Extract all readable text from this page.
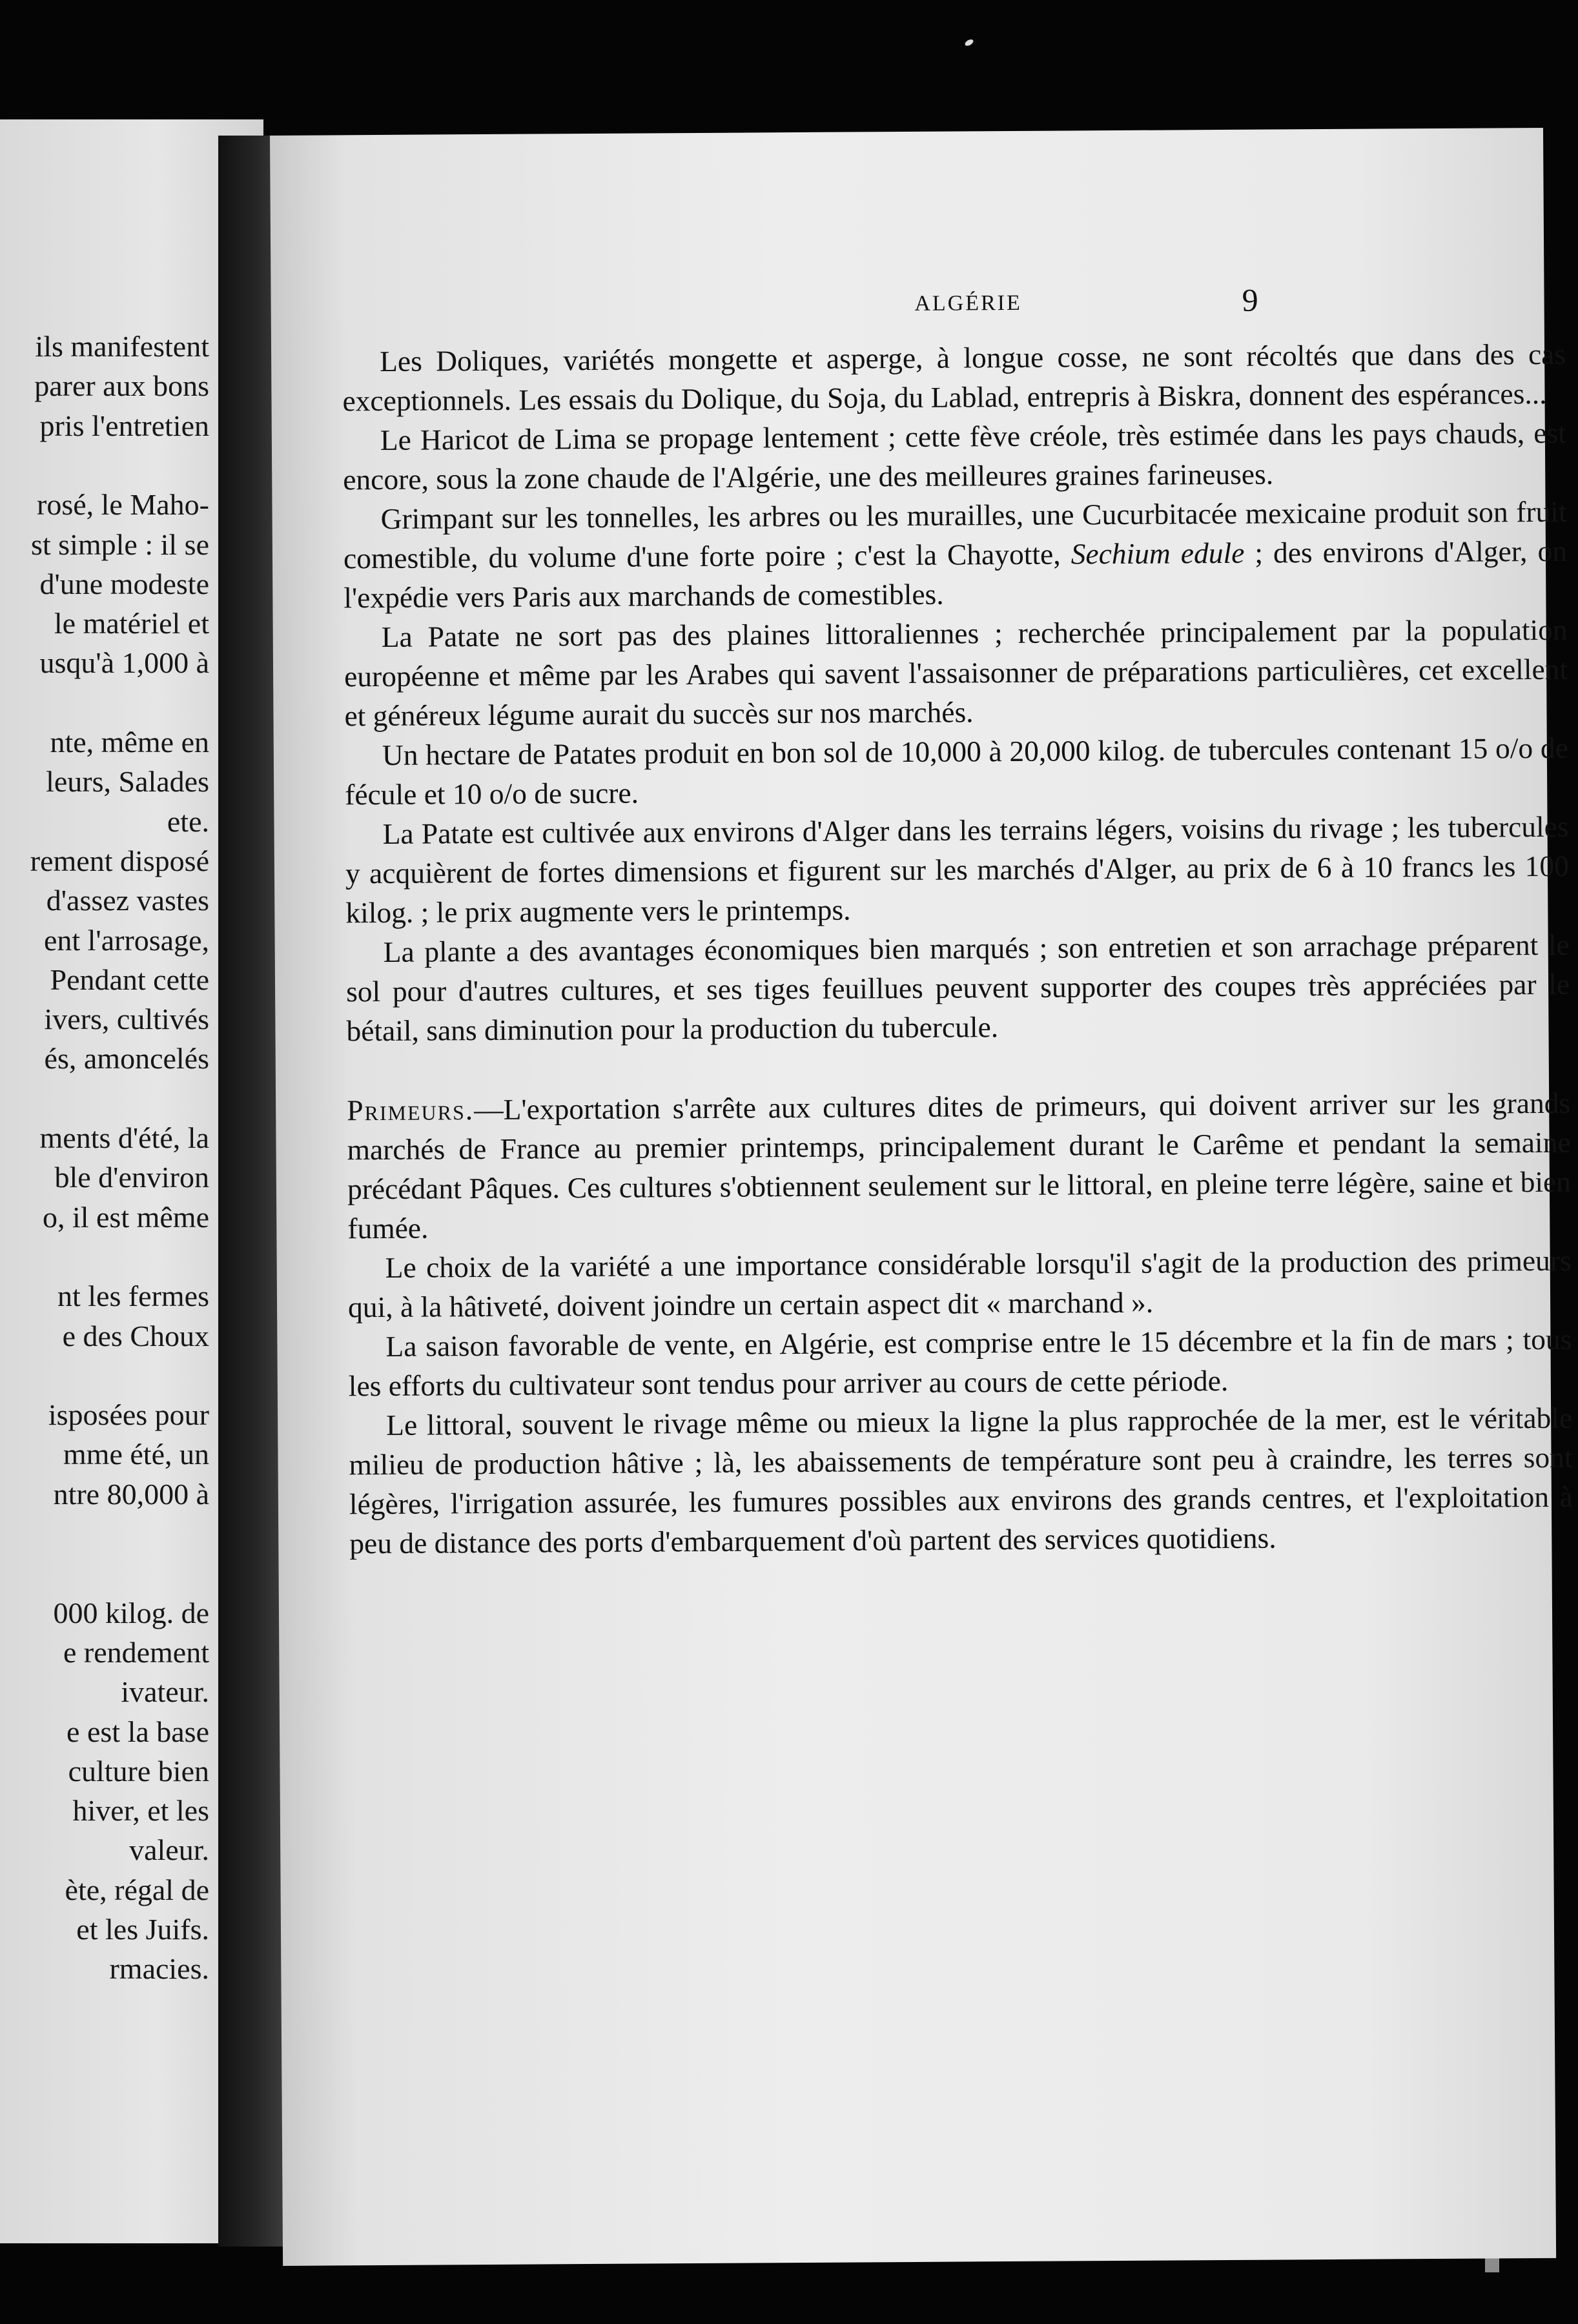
ils manifestent
parer aux bons
pris l'entretien
rosé, le Maho-
st simple : il se
d'une modeste
le matériel et
usqu'à 1,000 à
nte, même en
leurs, Salades
ete.
rement disposé
d'assez vastes
ent l'arrosage,
Pendant cette
ivers, cultivés
és, amoncelés
ments d'été, la
ble d'environ
o, il est même
nt les fermes
e des Choux
isposées pour
mme été, un
ntre 80,000 à
000 kilog. de
e rendement
ivateur.
e est la base
culture bien
hiver, et les
valeur.
ète, régal de
et les Juifs.
rmacies.
ALGÉRIE	9

Les Doliques, variétés mongette et asperge, à longue cosse, ne sont récoltés que dans des cas exceptionnels. Les essais du Dolique, du Soja, du Lablad, entrepris à Biskra, donnent des espérances...

Le Haricot de Lima se propage lentement ; cette fève créole, très estimée dans les pays chauds, est encore, sous la zone chaude de l'Algérie, une des meilleures graines farineuses.

Grimpant sur les tonnelles, les arbres ou les murailles, une Cucurbitacée mexicaine produit son fruit comestible, du volume d'une forte poire ; c'est la Chayotte, Sechium edule ; des environs d'Alger, on l'expédie vers Paris aux marchands de comestibles.

La Patate ne sort pas des plaines littoraliennes ; recherchée principalement par la population européenne et même par les Arabes qui savent l'assaisonner de préparations particulières, cet excellent et généreux légume aurait du succès sur nos marchés.

Un hectare de Patates produit en bon sol de 10,000 à 20,000 kilog. de tubercules contenant 15 o/o de fécule et 10 o/o de sucre.

La Patate est cultivée aux environs d'Alger dans les terrains légers, voisins du rivage ; les tubercules y acquièrent de fortes dimensions et figurent sur les marchés d'Alger, au prix de 6 à 10 francs les 100 kilog. ; le prix augmente vers le printemps.

La plante a des avantages économiques bien marqués ; son entretien et son arrachage préparent le sol pour d'autres cultures, et ses tiges feuillues peuvent supporter des coupes très appréciées par le bétail, sans diminution pour la production du tubercule.

Primeurs.—L'exportation s'arrête aux cultures dites de primeurs, qui doivent arriver sur les grands marchés de France au premier printemps, principalement durant le Carême et pendant la semaine précédant Pâques. Ces cultures s'obtiennent seulement sur le littoral, en pleine terre légère, saine et bien fumée.

Le choix de la variété a une importance considérable lorsqu'il s'agit de la production des primeurs qui, à la hâtiveté, doivent joindre un certain aspect dit « marchand ».

La saison favorable de vente, en Algérie, est comprise entre le 15 décembre et la fin de mars ; tous les efforts du cultivateur sont tendus pour arriver au cours de cette période.

Le littoral, souvent le rivage même ou mieux la ligne la plus rapprochée de la mer, est le véritable milieu de production hâtive ; là, les abaissements de température sont peu à craindre, les terres sont légères, l'irrigation assurée, les fumures possibles aux environs des grands centres, et l'exploitation à peu de distance des ports d'embarquement d'où partent des services quotidiens.
